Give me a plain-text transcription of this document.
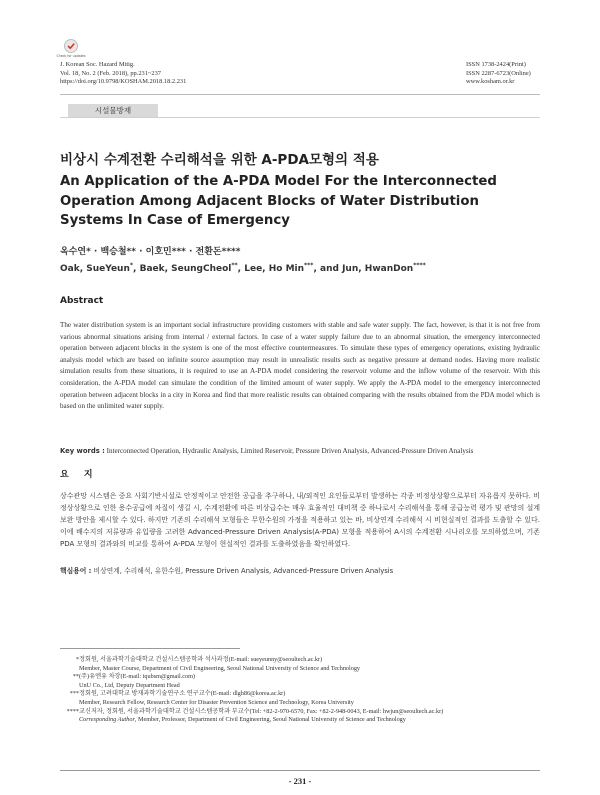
Check for updates
J. Korean Soc. Hazard Mitig.
Vol. 18, No. 2 (Feb. 2018), pp.231~237
https://doi.org/10.9798/KOSHAM.2018.18.2.231
ISSN 1738-2424(Print)
ISSN 2287-6723(Online)
www.kosham.or.kr
시설물방재
비상시 수계전환 수리해석을 위한 A-PDA모형의 적용
An Application of the A-PDA Model For the Interconnected Operation Among Adjacent Blocks of Water Distribution Systems In Case of Emergency
옥수연* · 백승철** · 이호민*** · 전환돈****
Oak, SueYeun*, Baek, SeungCheol**, Lee, Ho Min***, and Jun, HwanDon****
Abstract
The water distribution system is an important social infrastructure providing customers with stable and safe water supply. The fact, however, is that it is not free from various abnormal situations arising from internal / external factors. In case of a water supply failure due to an abnormal situation, the emergency interconnected operation between adjacent blocks in the system is one of the most effective countermeasures. To simulate these types of emergency operations, existing hydraulic analysis model which are based on infinite source assumption may result in unrealistic results such as negative pressure at demand nodes. Having more realistic simulation results from these situations, it is required to use an A-PDA model considering the reservoir volume and the inflow volume of the reservoir. With this consideration, the A-PDA model can simulate the condition of the limited amount of water supply. We apply the A-PDA model to the emergency interconnected operation between adjacent blocks in a city in Korea and find that more realistic results can obtained comparing with the results obtained from the PDA model which is based on the unlimited water supply.
Key words : Interconnected Operation, Hydraulic Analysis, Limited Reservoir, Pressure Driven Analysis, Advanced-Pressure Driven Analysis
요 지
상수관망 시스템은 중요 사회기반시설로 안정적이고 안전한 공급을 추구하나, 내/외적인 요인들로부터 발생하는 각종 비정상상황으로부터 자유롭지 못하다. 비정상상황으로 인한 용수공급에 차질이 생길 시, 수계전환에 따른 비상급수는 매우 효율적인 대비책 중 하나로서 수리해석을 통해 공급능력 평가 및 관망의 설계 보완 방안을 제시할 수 있다. 하지만 기존의 수리해석 모형들은 무한수원의 가정을 적용하고 있는 바, 비상연계 수리해석 시 비현실적인 결과를 도출할 수 있다. 이에 배수지의 저류량과 유입량을 고려한 Advanced-Pressure Driven Analysis(A-PDA) 모형을 적용하여 A시의 수계전환 시나리오를 모의하였으며, 기존 PDA 모형의 결과와의 비교를 통하여 A-PDA 모형이 현실적인 결과를 도출하였음을 확인하였다.
핵심용어 : 비상연계, 수리해석, 유한수원, Pressure Driven Analysis, Advanced-Pressure Driven Analysis
*정회원, 서울과학기술대학교 건설시스템공학과 석사과정(E-mail: sueyeunny@seoultech.ac.kr)
Member, Master Course, Department of Civil Engineering, Seoul National University of Science and Technology
**(주)유엔유 차장(E-mail: iqubsm@gmail.com)
UnU Co., Ltd, Deputy Department Head
***정회원, 고려대학교 방재과학기술연구소 연구교수(E-mail: dlgh86@korea.ac.kr)
Member, Research Fellow, Research Center for Disaster Prevention Science and Technology, Korea University
****교신저자, 정회원, 서울과학기술대학교 건설시스템공학과 부교수(Tel: +82-2-970-6570, Fax: +82-2-948-0043, E-mail: hwjun@seoultech.ac.kr)
Corresponding Author, Member, Professor, Department of Civil Engineering, Seoul National University of Science and Technology
- 231 -
